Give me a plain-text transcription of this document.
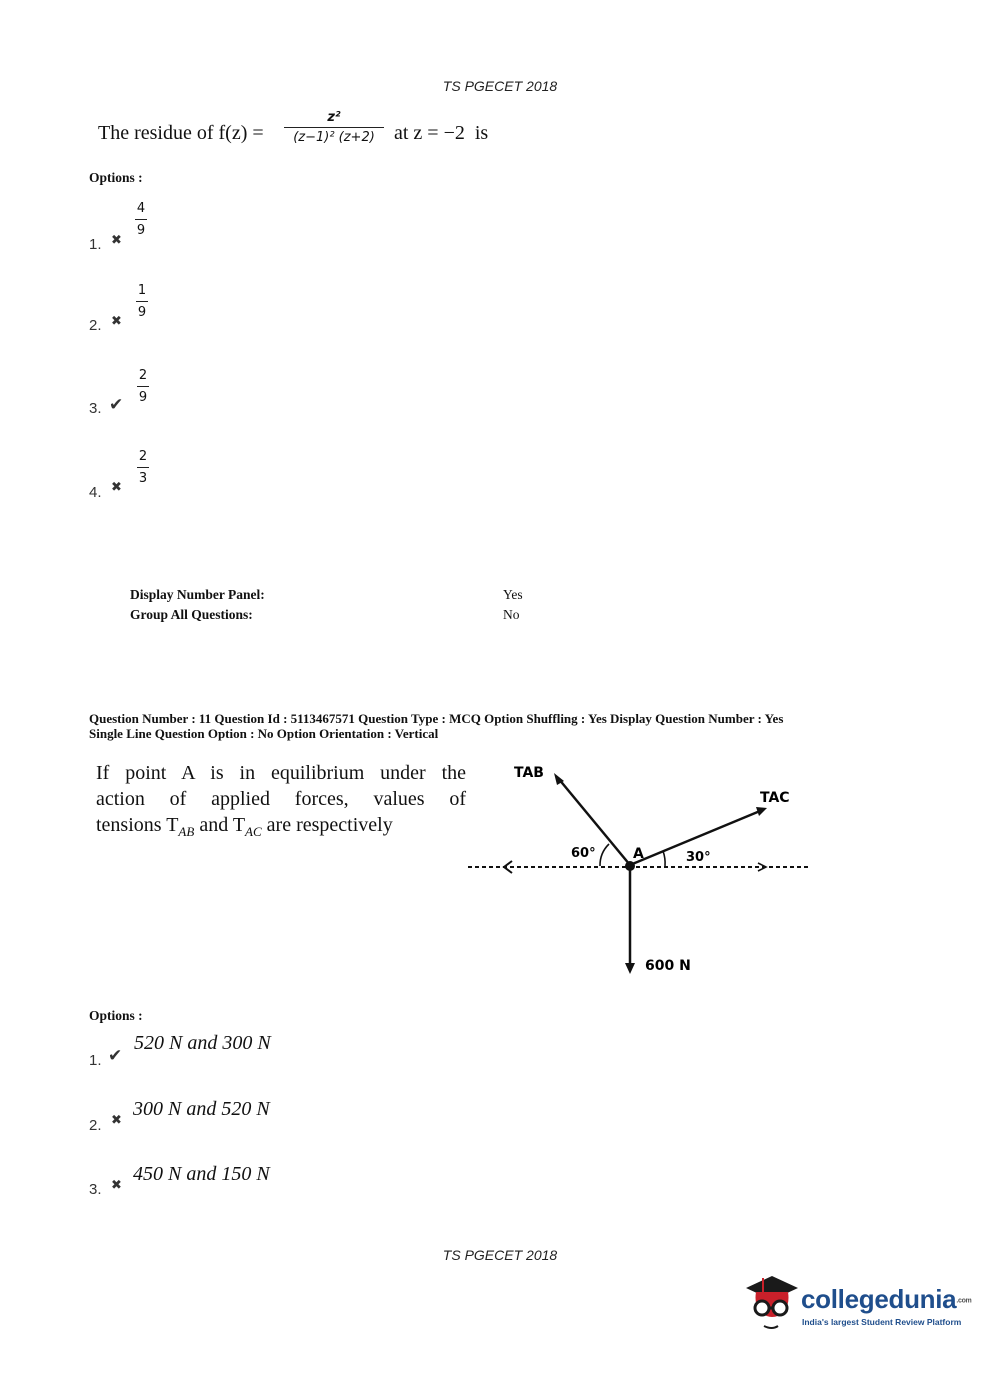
TS PGECET 2018
The residue of f(z) =
z²
(z−1)² (z+2) at z = −2  is
Options :
1. ✖
4
9
2. ✖
1
9
3. ✔
2
9
4. ✖
2
3
Display Number Panel:	Yes
Group All Questions:	No
Question Number : 11 Question Id : 5113467571 Question Type : MCQ Option Shuffling : Yes Display Question Number : Yes
Single Line Question Option : No Option Orientation : Vertical
If point A is in equilibrium under the
action of applied forces, values of
tensions $T_{AB}$ and $T_{AC}$ are respectively
TAB
TAC
A
60°	30°
600 N
Options :
1. ✔
520 N and 300 N
2. ✖
300 N and 520 N
3. ✖
450 N and 150 N
TS PGECET 2018
collegedunia.com
India's largest Student Review Platform
